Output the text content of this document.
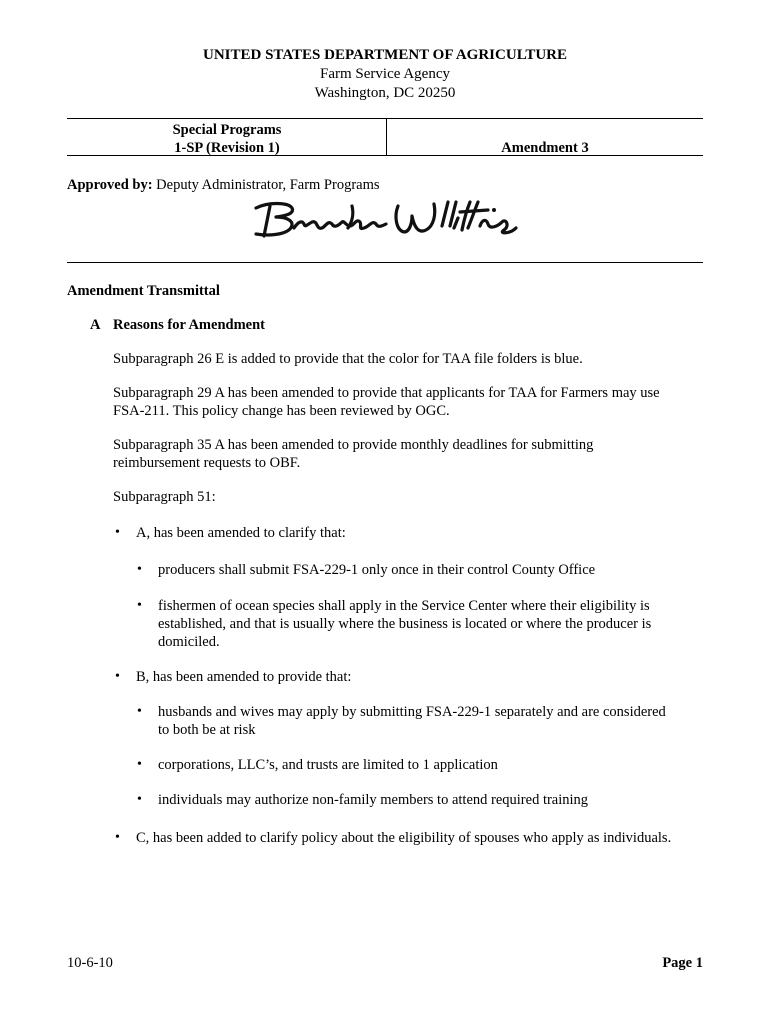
UNITED STATES DEPARTMENT OF AGRICULTURE
Farm Service Agency
Washington, DC 20250
Special Programs
1-SP (Revision 1)	Amendment 3
Approved by: Deputy Administrator, Farm Programs
Amendment Transmittal
A Reasons for Amendment
Subparagraph 26 E is added to provide that the color for TAA file folders is blue.
Subparagraph 29 A has been amended to provide that applicants for TAA for Farmers may use
FSA-211. This policy change has been reviewed by OGC.
Subparagraph 35 A has been amended to provide monthly deadlines for submitting
reimbursement requests to OBF.
Subparagraph 51:
• A, has been amended to clarify that:
• producers shall submit FSA-229-1 only once in their control County Office
• fishermen of ocean species shall apply in the Service Center where their eligibility is
established, and that is usually where the business is located or where the producer is
domiciled.
• B, has been amended to provide that:
• husbands and wives may apply by submitting FSA-229-1 separately and are considered
to both be at risk
• corporations, LLC’s, and trusts are limited to 1 application
• individuals may authorize non-family members to attend required training
• C, has been added to clarify policy about the eligibility of spouses who apply as individuals.
10-6-10	Page 1
